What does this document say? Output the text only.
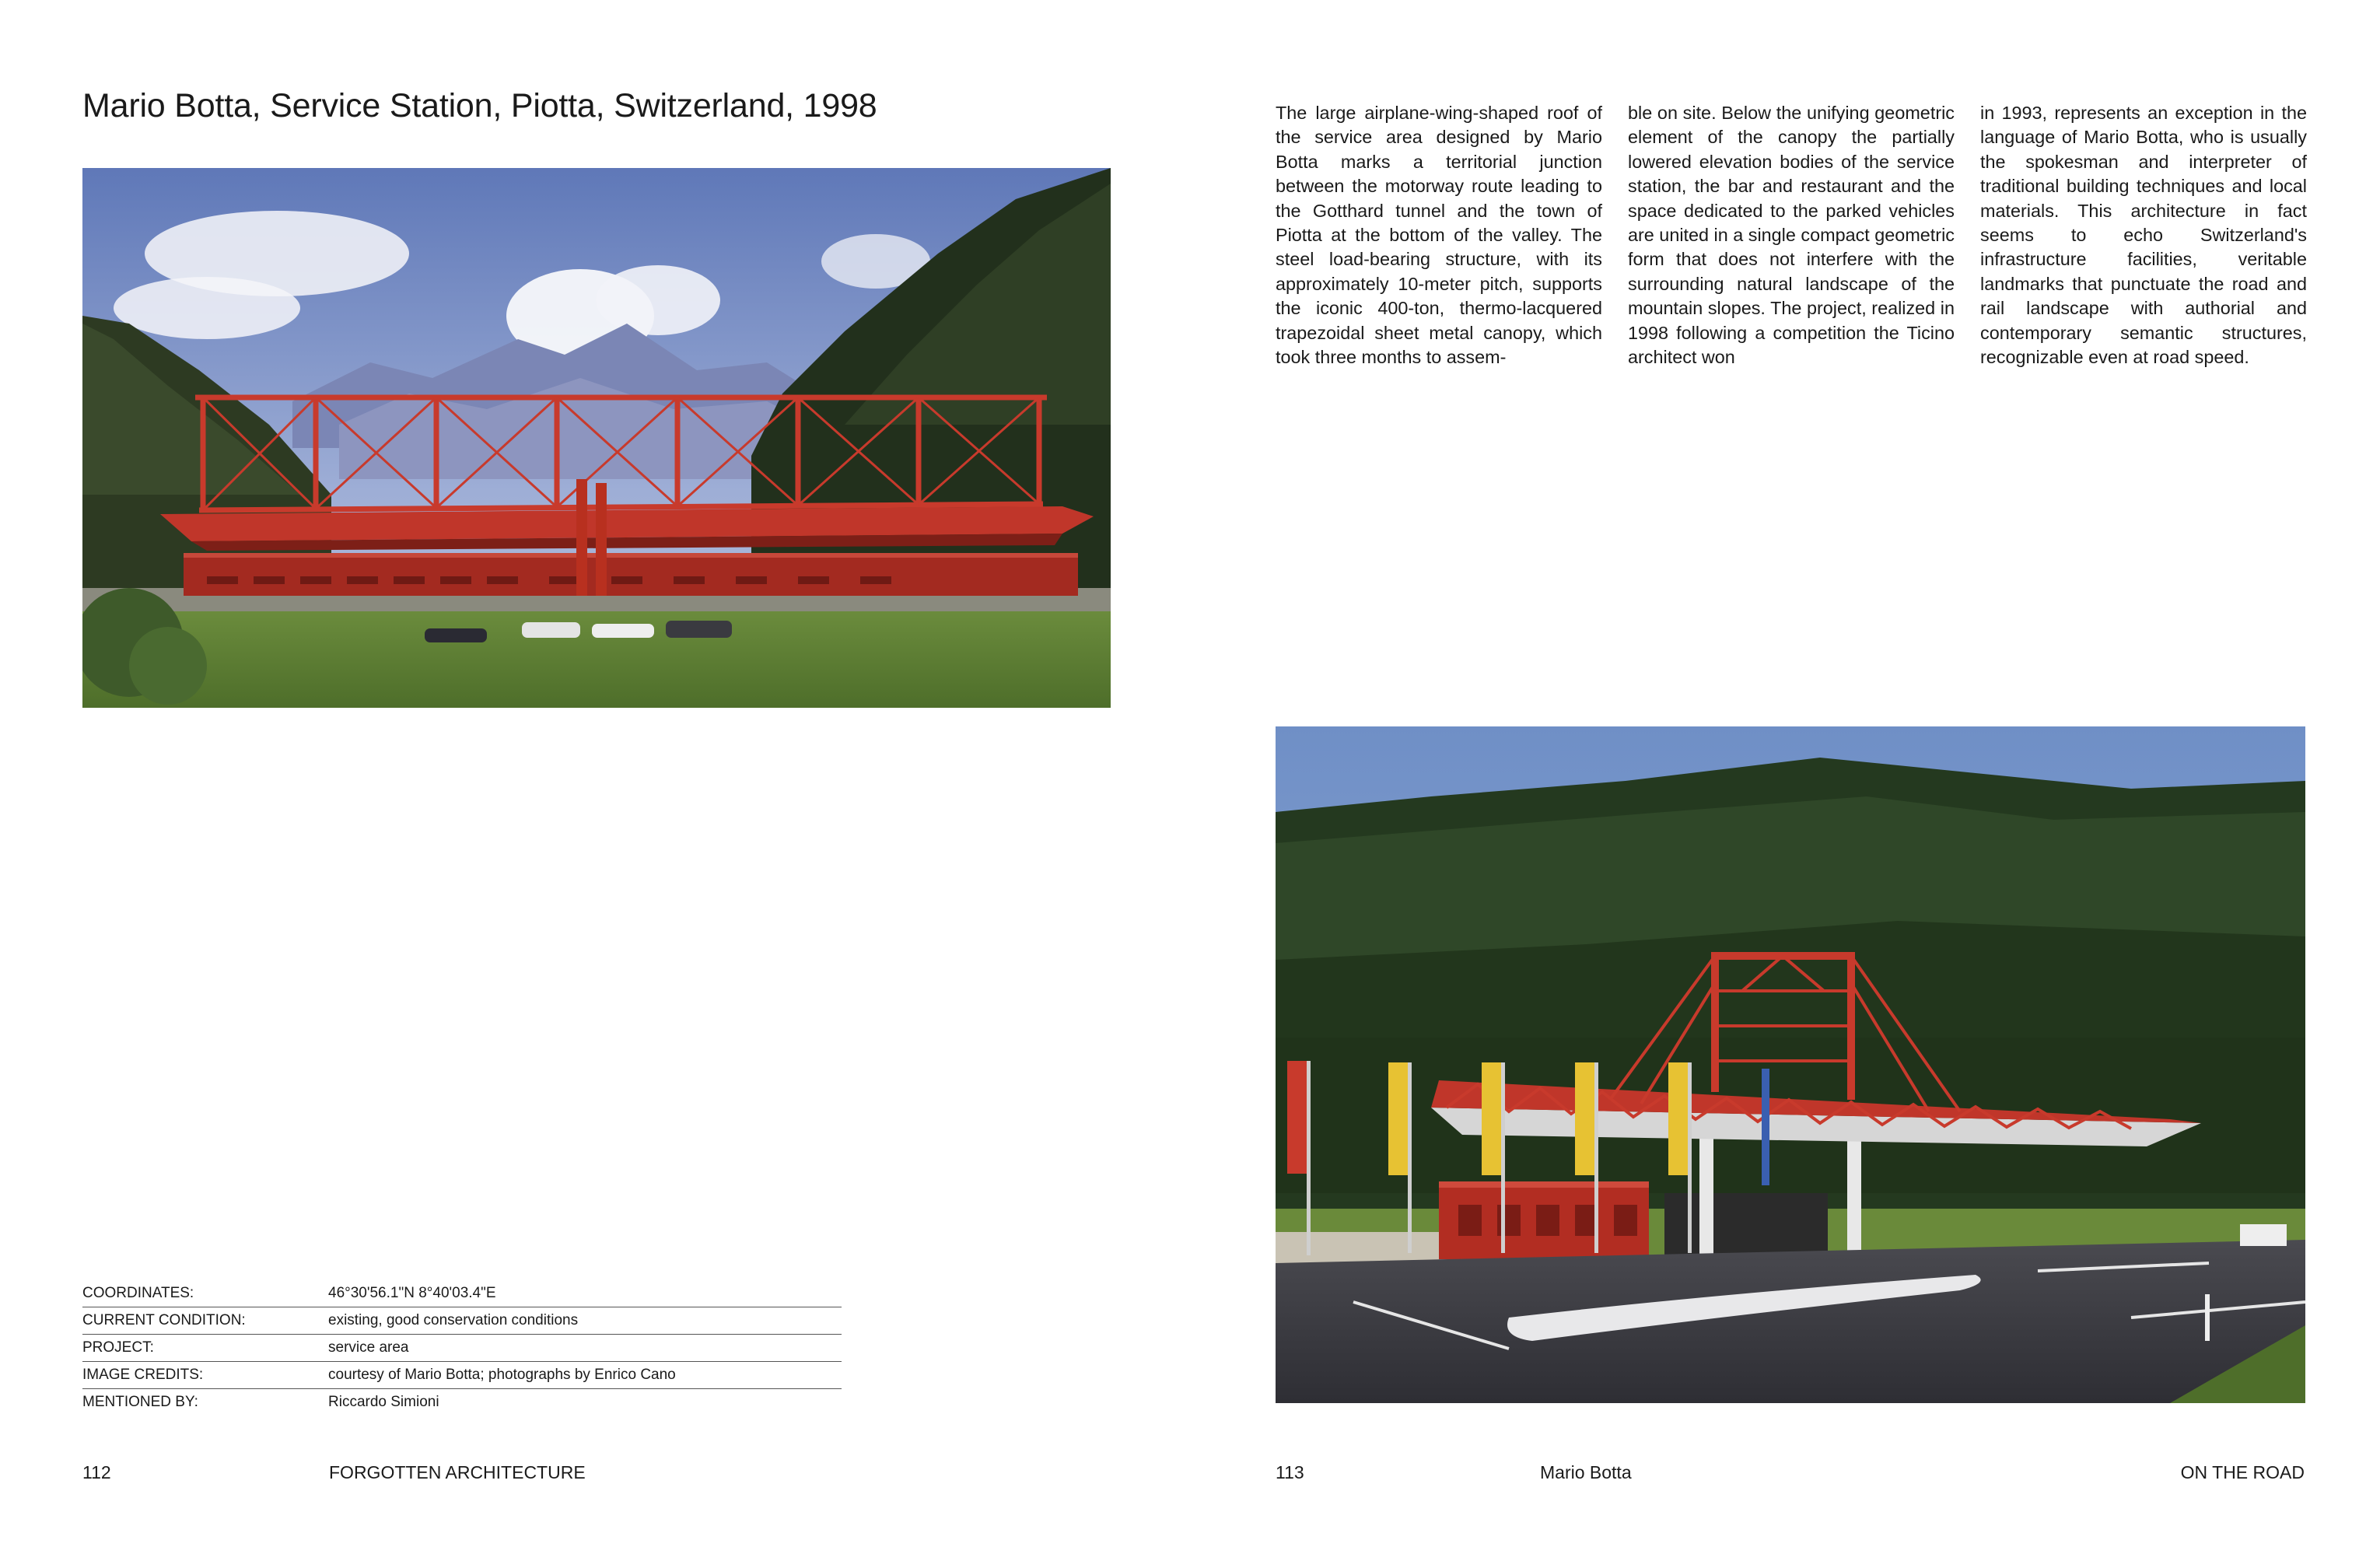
Mario Botta, Service Station, Piotta, Switzerland, 1998
COORDINATES:	46°30'56.1"N 8°40'03.4"E
CURRENT CONDITION:	existing, good conservation conditions
PROJECT:	service area
IMAGE CREDITS:	courtesy of Mario Botta; photographs by Enrico Cano
MENTIONED BY:	Riccardo Simioni
112	FORGOTTEN ARCHITECTURE

The large airplane-wing-shaped roof of the service area designed by Mario Botta marks a territorial junction between the motorway route leading to the Gotthard tunnel and the town of Piotta at the bottom of the valley. The steel load-bearing structure, with its approximately 10-meter pitch, supports the iconic 400-ton, thermo-lacquered trapezoidal sheet metal canopy, which took three months to assem-

ble on site. Below the unifying geometric element of the canopy the partially lowered elevation bodies of the service station, the bar and restaurant and the space dedicated to the parked vehicles are united in a single compact geometric form that does not interfere with the surrounding natural landscape of the mountain slopes. The project, realized in 1998 following a competition the Ticino architect won

in 1993, represents an exception in the language of Mario Botta, who is usually the spokesman and interpreter of traditional building techniques and local materials. This architecture in fact seems to echo Switzerland's infrastructure facilities, veritable landmarks that punctuate the road and rail landscape with authorial and contemporary semantic structures, recognizable even at road speed.

113	Mario Botta	ON THE ROAD
